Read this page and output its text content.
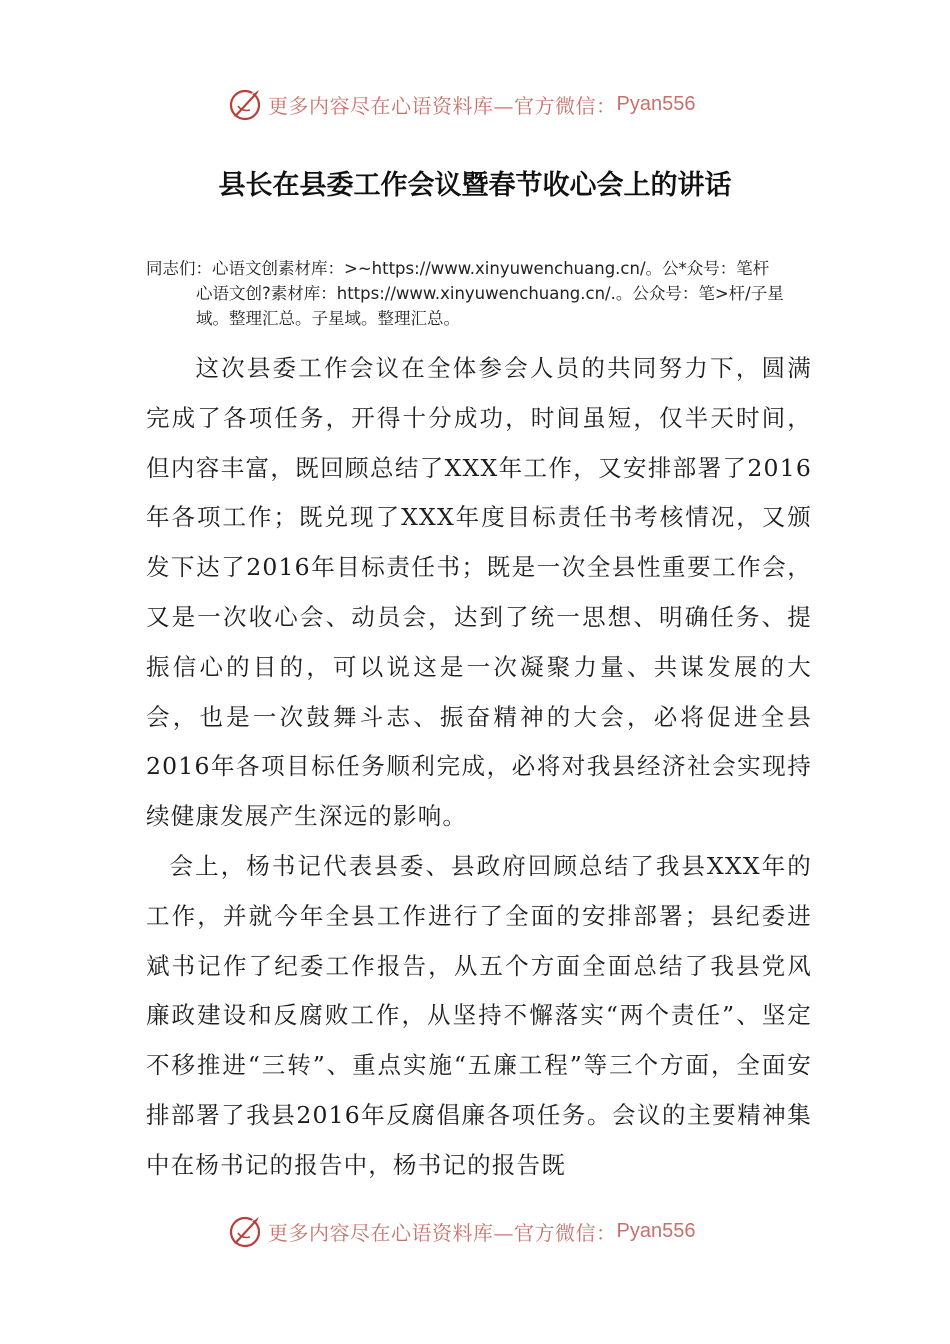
更多内容尽在心语资料库—官方微信： Pyan556
县长在县委工作会议暨春节收心会上的讲话
同志们：心语文创素材库：>~https://www.xinyuwenchuang.cn/。公*众号：笔杆
心语文创?素材库：https://www.xinyuwenchuang.cn/.。公众号：笔>杆/子星域。整理汇总。子星域。整理汇总。

这次县委工作会议在全体参会人员的共同努力下，圆满完成了各项任务，开得十分成功，时间虽短，仅半天时间，但内容丰富，既回顾总结了XXX年工作，又安排部署了2016年各项工作；既兑现了XXX年度目标责任书考核情况，又颁发下达了2016年目标责任书；既是一次全县性重要工作会，又是一次收心会、动员会，达到了统一思想、明确任务、提振信心的目的，可以说这是一次凝聚力量、共谋发展的大会，也是一次鼓舞斗志、振奋精神的大会，必将促进全县2016年各项目标任务顺利完成，必将对我县经济社会实现持续健康发展产生深远的影响。

会上，杨书记代表县委、县政府回顾总结了我县XXX年的工作，并就今年全县工作进行了全面的安排部署；县纪委进斌书记作了纪委工作报告，从五个方面全面总结了我县党风廉政建设和反腐败工作，从坚持不懈落实“两个责任”、坚定不移推进“三转”、重点实施“五廉工程”等三个方面，全面安排部署了我县2016年反腐倡廉各项任务。会议的主要精神集中在杨书记的报告中，杨书记的报告既

更多内容尽在心语资料库—官方微信： Pyan556
